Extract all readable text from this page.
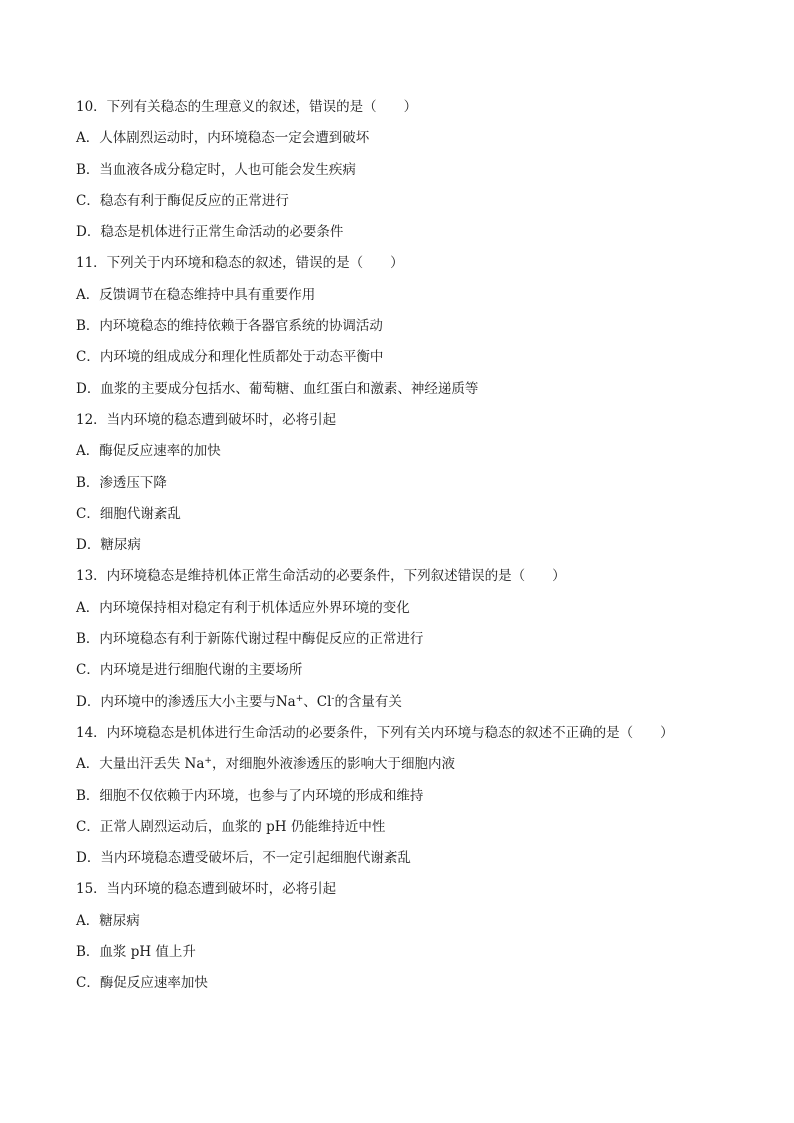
10．下列有关稳态的生理意义的叙述，错误的是（　　）
A．人体剧烈运动时，内环境稳态一定会遭到破坏
B．当血液各成分稳定时，人也可能会发生疾病
C．稳态有利于酶促反应的正常进行
D．稳态是机体进行正常生命活动的必要条件
11．下列关于内环境和稳态的叙述，错误的是（　　）
A．反馈调节在稳态维持中具有重要作用
B．内环境稳态的维持依赖于各器官系统的协调活动
C．内环境的组成成分和理化性质都处于动态平衡中
D．血浆的主要成分包括水、葡萄糖、血红蛋白和激素、神经递质等
12．当内环境的稳态遭到破坏时，必将引起
A．酶促反应速率的加快
B．渗透压下降
C．细胞代谢紊乱
D．糖尿病
13．内环境稳态是维持机体正常生命活动的必要条件，下列叙述错误的是（　　）
A．内环境保持相对稳定有利于机体适应外界环境的变化
B．内环境稳态有利于新陈代谢过程中酶促反应的正常进行
C．内环境是进行细胞代谢的主要场所
D．内环境中的渗透压大小主要与Na+、Cl-的含量有关
14．内环境稳态是机体进行生命活动的必要条件，下列有关内环境与稳态的叙述不正确的是（　　）
A．大量出汗丢失 Na+，对细胞外液渗透压的影响大于细胞内液
B．细胞不仅依赖于内环境，也参与了内环境的形成和维持
C．正常人剧烈运动后，血浆的 pH 仍能维持近中性
D．当内环境稳态遭受破坏后，不一定引起细胞代谢紊乱
15．当内环境的稳态遭到破坏时，必将引起
A．糖尿病
B．血浆 pH 值上升
C．酶促反应速率加快
